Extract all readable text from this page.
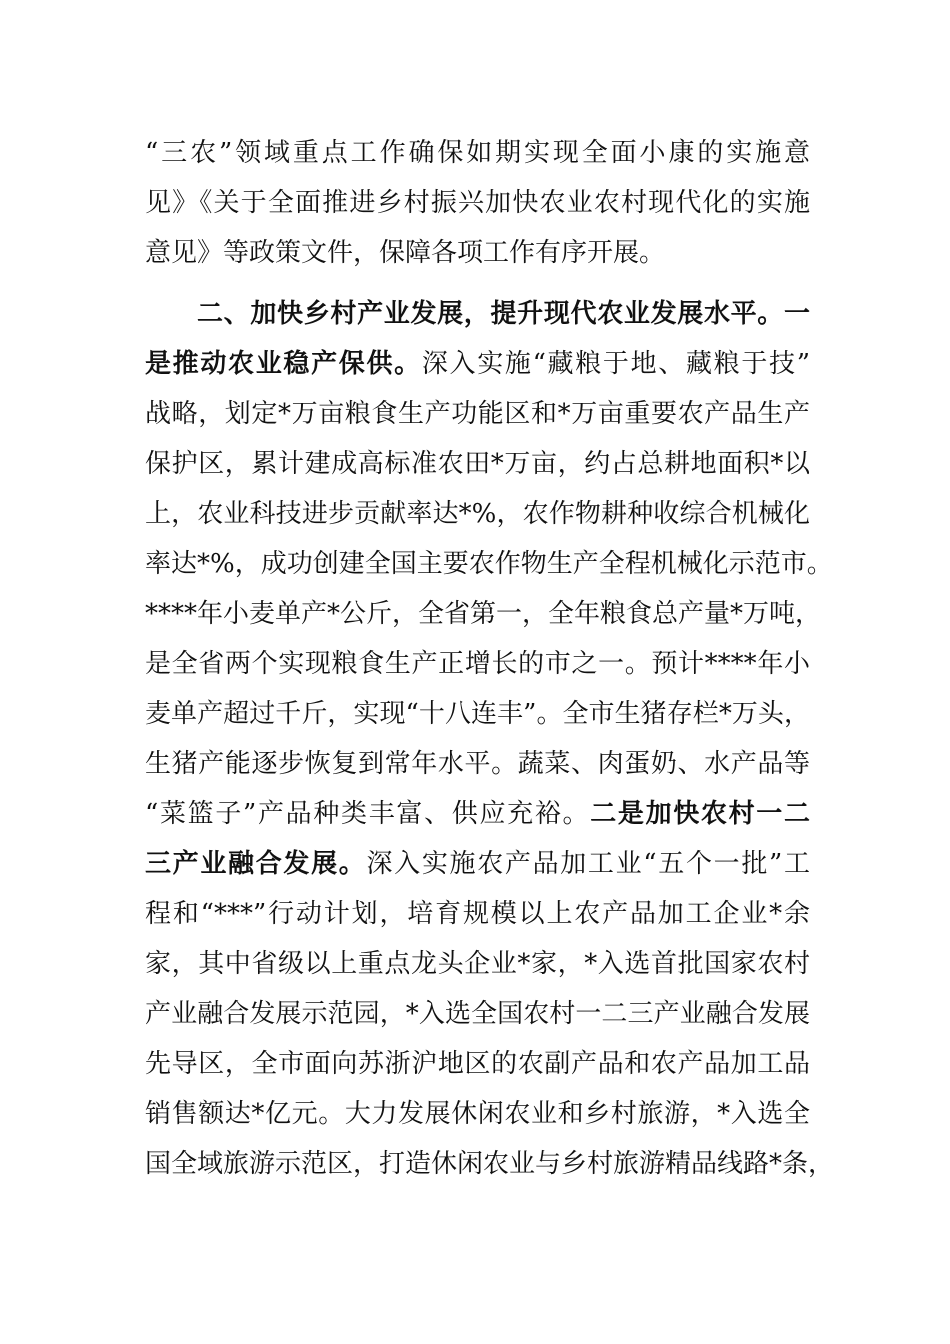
“三农”领域重点工作确保如期实现全面小康的实施意
见》《关于全面推进乡村振兴加快农业农村现代化的实施
意见》等政策文件，保障各项工作有序开展。
二、加快乡村产业发展，提升现代农业发展水平。一
是推动农业稳产保供。深入实施“藏粮于地、藏粮于技”
战略，划定*万亩粮食生产功能区和*万亩重要农产品生产
保护区，累计建成高标准农田*万亩，约占总耕地面积*以
上，农业科技进步贡献率达*%，农作物耕种收综合机械化
率达*%，成功创建全国主要农作物生产全程机械化示范市。
****年小麦单产*公斤，全省第一，全年粮食总产量*万吨，
是全省两个实现粮食生产正增长的市之一。预计****年小
麦单产超过千斤，实现“十八连丰”。全市生猪存栏*万头，
生猪产能逐步恢复到常年水平。蔬菜、肉蛋奶、水产品等
“菜篮子”产品种类丰富、供应充裕。二是加快农村一二
三产业融合发展。深入实施农产品加工业“五个一批”工
程和“***”行动计划，培育规模以上农产品加工企业*余
家，其中省级以上重点龙头企业*家，*入选首批国家农村
产业融合发展示范园，*入选全国农村一二三产业融合发展
先导区，全市面向苏浙沪地区的农副产品和农产品加工品
销售额达*亿元。大力发展休闲农业和乡村旅游，*入选全
国全域旅游示范区，打造休闲农业与乡村旅游精品线路*条，
